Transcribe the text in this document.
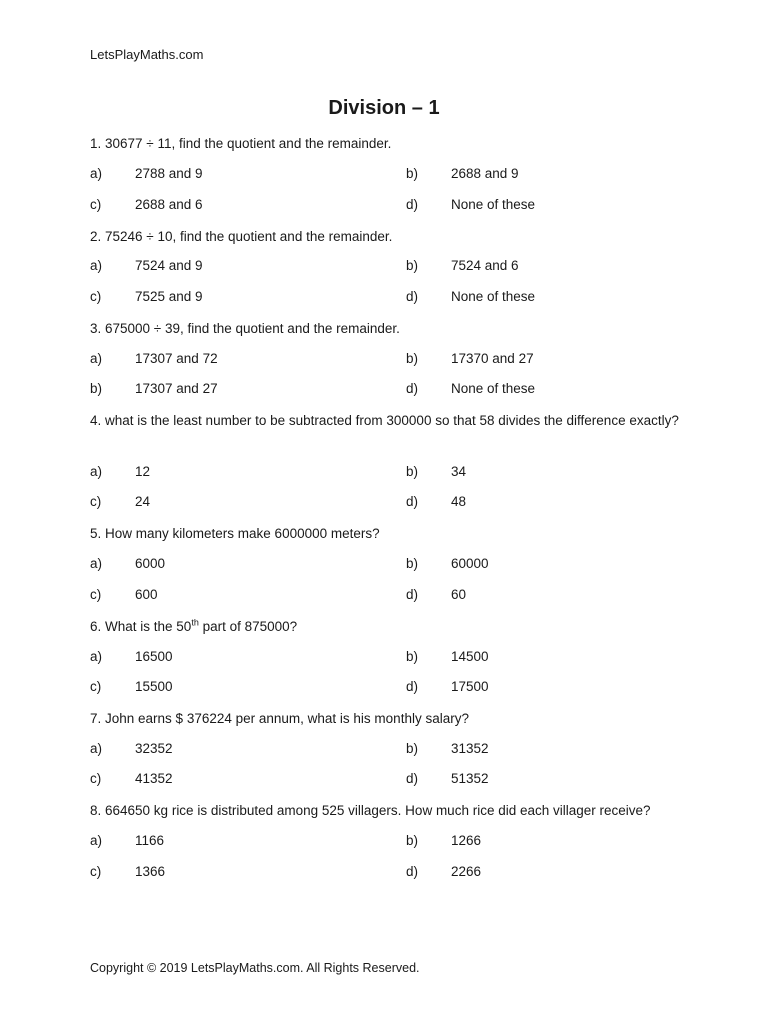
LetsPlayMaths.com
Division – 1
1. 30677 ÷ 11, find the quotient and the remainder.
a) 2788 and 9	b) 2688 and 9
c)	2688 and 6	d) None of these
2. 75246 ÷ 10, find the quotient and the remainder.
a) 7524 and 9	b) 7524 and 6
c)	7525 and 9	d) None of these
3. 675000 ÷ 39, find the quotient and the remainder.
a) 17307 and 72	b) 17370 and 27
b) 17307 and 27	d) None of these
4. what is the least number to be subtracted from 300000 so that 58 divides the difference exactly?
a) 12	b) 34
c)	24	d) 48
5. How many kilometers make 6000000 meters?
a) 6000	b) 60000
c)	600	d) 60
6. What is the 50th part of 875000?
a) 16500	b) 14500
c)	15500	d) 17500
7. John earns $ 376224 per annum, what is his monthly salary?
a) 32352	b) 31352
c)	41352	d) 51352
8. 664650 kg rice is distributed among 525 villagers. How much rice did each villager receive?
a) 1166	b) 1266
c)	1366	d) 2266
Copyright © 2019 LetsPlayMaths.com. All Rights Reserved.
